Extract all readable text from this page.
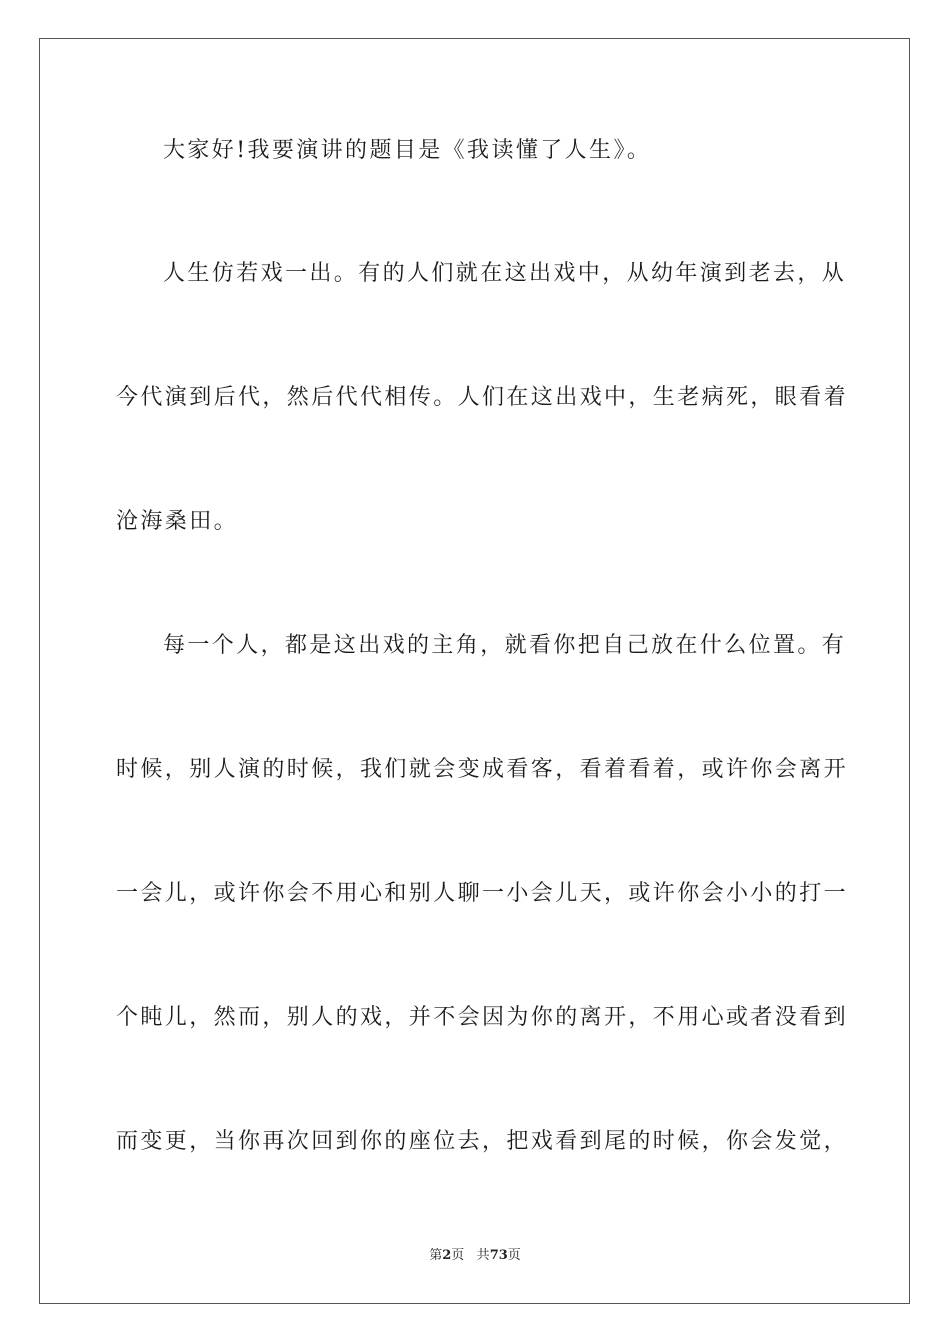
大家好!我要演讲的题目是《我读懂了人生》。
人生仿若戏一出。有的人们就在这出戏中，从幼年演到老去，从
今代演到后代，然后代代相传。人们在这出戏中，生老病死，眼看着
沧海桑田。
每一个人，都是这出戏的主角，就看你把自己放在什么位置。有
时候，别人演的时候，我们就会变成看客，看着看着，或许你会离开
一会儿，或许你会不用心和别人聊一小会儿天，或许你会小小的打一
个盹儿，然而，别人的戏，并不会因为你的离开，不用心或者没看到
而变更，当你再次回到你的座位去，把戏看到尾的时候，你会发觉，
第2页 共73页
